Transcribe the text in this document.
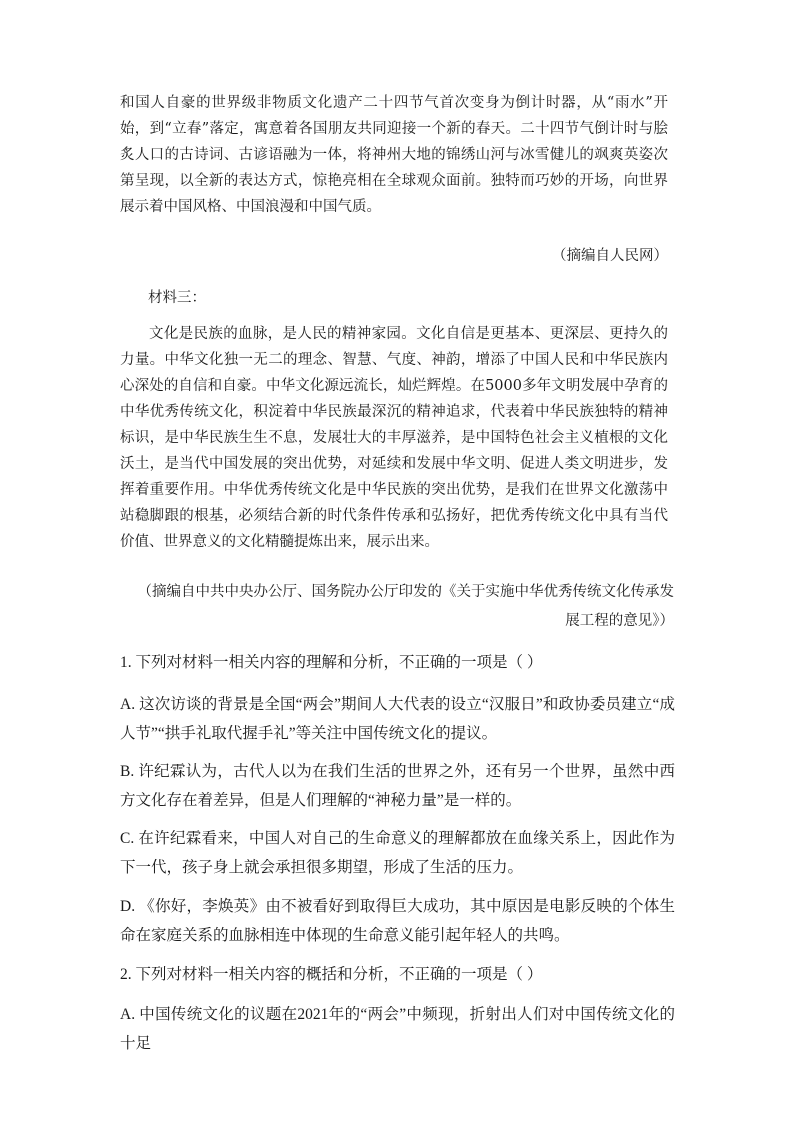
和国人自豪的世界级非物质文化遗产二十四节气首次变身为倒计时器，从“雨水”开始，到“立春”落定，寓意着各国朋友共同迎接一个新的春天。二十四节气倒计时与脍炙人口的古诗词、古谚语融为一体，将神州大地的锦绣山河与冰雪健儿的飒爽英姿次第呈现，以全新的表达方式，惊艳亮相在全球观众面前。独特而巧妙的开场，向世界展示着中国风格、中国浪漫和中国气质。

（摘编自人民网）

材料三：

文化是民族的血脉，是人民的精神家园。文化自信是更基本、更深层、更持久的力量。中华文化独一无二的理念、智慧、气度、神韵，增添了中国人民和中华民族内心深处的自信和自豪。中华文化源远流长，灿烂辉煌。在5000多年文明发展中孕育的中华优秀传统文化，积淀着中华民族最深沉的精神追求，代表着中华民族独特的精神标识，是中华民族生生不息，发展壮大的丰厚滋养，是中国特色社会主义植根的文化沃土，是当代中国发展的突出优势，对延续和发展中华文明、促进人类文明进步，发挥着重要作用。中华优秀传统文化是中华民族的突出优势，是我们在世界文化激荡中站稳脚跟的根基，必须结合新的时代条件传承和弘扬好，把优秀传统文化中具有当代价值、世界意义的文化精髓提炼出来，展示出来。

（摘编自中共中央办公厅、国务院办公厅印发的《关于实施中华优秀传统文化传承发展工程的意见》）

1. 下列对材料一相关内容的理解和分析，不正确的一项是（ ）

A. 这次访谈的背景是全国“两会”期间人大代表的设立“汉服日”和政协委员建立“成人节”“拱手礼取代握手礼”等关注中国传统文化的提议。

B. 许纪霖认为，古代人以为在我们生活的世界之外，还有另一个世界，虽然中西方文化存在着差异，但是人们理解的“神秘力量”是一样的。

C. 在许纪霖看来，中国人对自己的生命意义的理解都放在血缘关系上，因此作为下一代，孩子身上就会承担很多期望，形成了生活的压力。

D. 《你好，李焕英》由不被看好到取得巨大成功，其中原因是电影反映的个体生命在家庭关系的血脉相连中体现的生命意义能引起年轻人的共鸣。

2. 下列对材料一相关内容的概括和分析，不正确的一项是（ ）

A. 中国传统文化的议题在2021年的“两会”中频现，折射出人们对中国传统文化的十足
